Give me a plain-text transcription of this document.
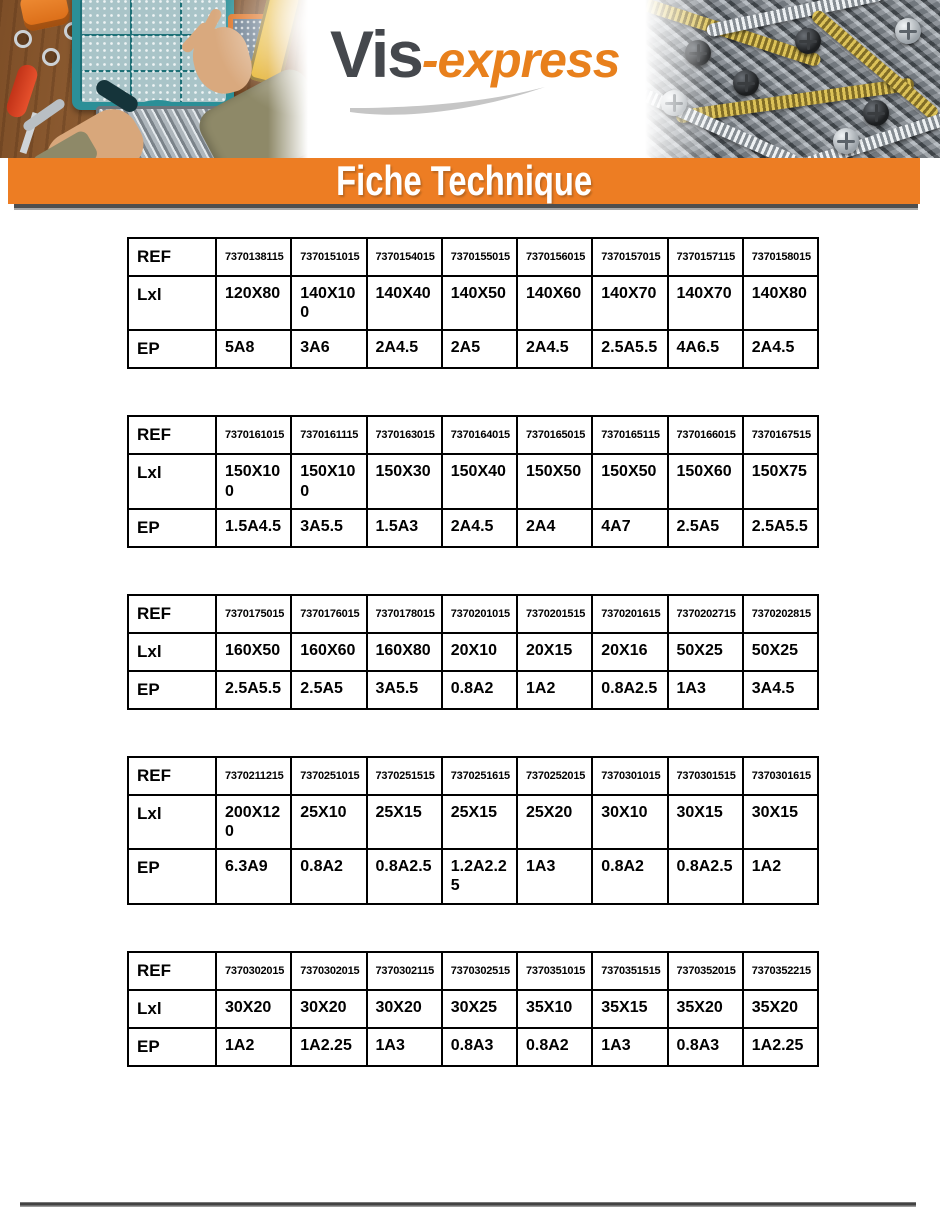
Vis-express
Fiche Technique
REF	7370138115	7370151015	7370154015	7370155015	7370156015	7370157015	7370157115	7370158015
Lxl	120X80	140X100	140X40	140X50	140X60	140X70	140X70	140X80
EP	5A8	3A6	2A4.5	2A5	2A4.5	2.5A5.5	4A6.5	2A4.5
REF	7370161015	7370161115	7370163015	7370164015	7370165015	7370165115	7370166015	7370167515
Lxl	150X100	150X100	150X30	150X40	150X50	150X50	150X60	150X75
EP	1.5A4.5	3A5.5	1.5A3	2A4.5	2A4	4A7	2.5A5	2.5A5.5
REF	7370175015	7370176015	7370178015	7370201015	7370201515	7370201615	7370202715	7370202815
Lxl	160X50	160X60	160X80	20X10	20X15	20X16	50X25	50X25
EP	2.5A5.5	2.5A5	3A5.5	0.8A2	1A2	0.8A2.5	1A3	3A4.5
REF	7370211215	7370251015	7370251515	7370251615	7370252015	7370301015	7370301515	7370301615
Lxl	200X120	25X10	25X15	25X15	25X20	30X10	30X15	30X15
EP	6.3A9	0.8A2	0.8A2.5	1.2A2.25	1A3	0.8A2	0.8A2.5	1A2
REF	7370302015	7370302015	7370302115	7370302515	7370351015	7370351515	7370352015	7370352215
Lxl	30X20	30X20	30X20	30X25	35X10	35X15	35X20	35X20
EP	1A2	1A2.25	1A3	0.8A3	0.8A2	1A3	0.8A3	1A2.25
